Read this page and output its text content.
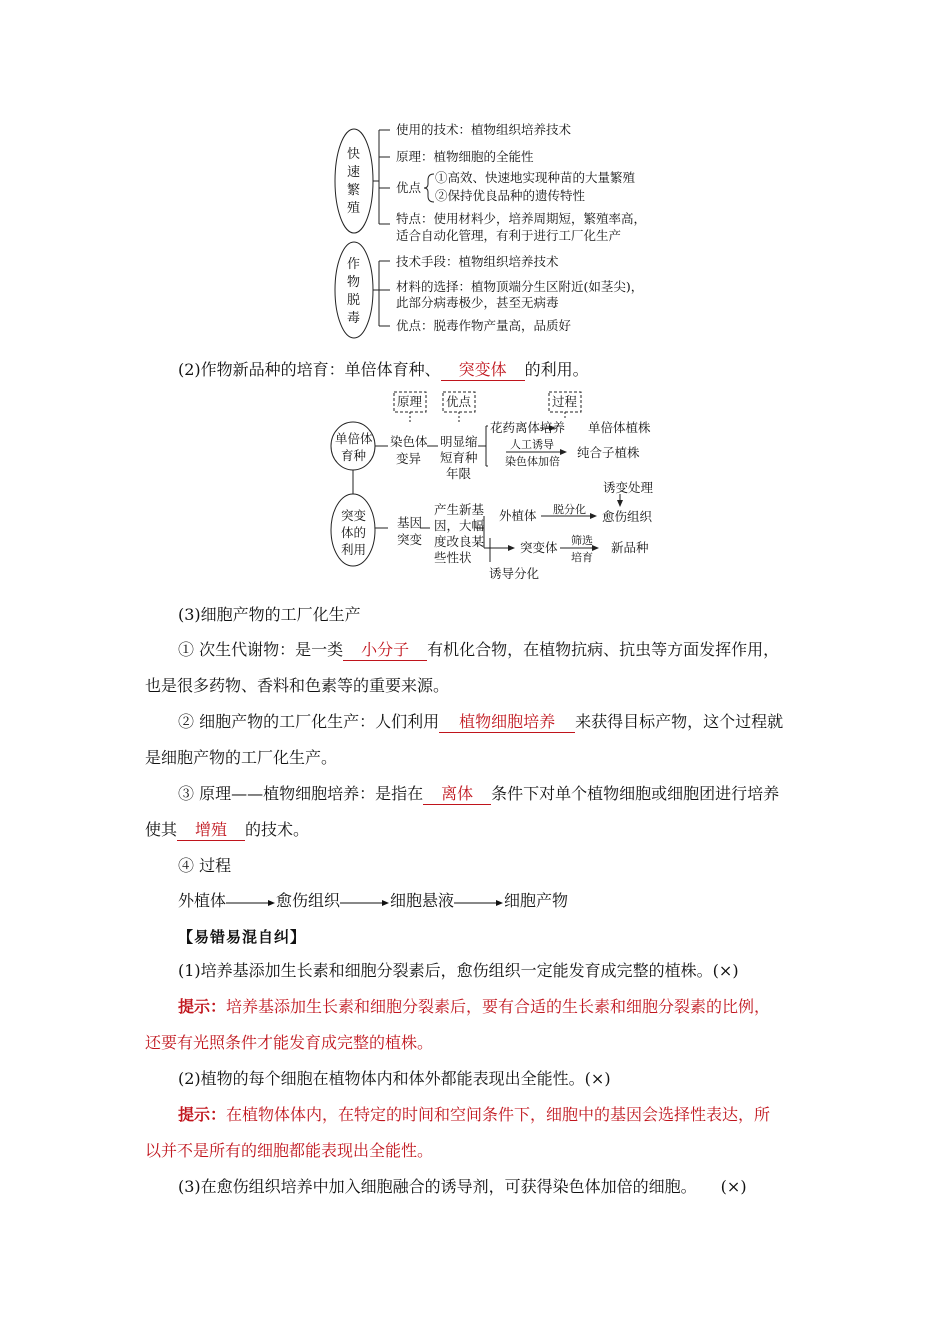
快
速
繁
殖
作
物
脱
毒
使用的技术：植物组织培养技术
原理：植物细胞的全能性
优点
①高效、快速地实现种苗的大量繁殖
②保持优良品种的遗传特性
特点：使用材料少，培养周期短，繁殖率高，
适合自动化管理，有利于进行工厂化生产
技术手段：植物组织培养技术
材料的选择：植物顶端分生区附近(如茎尖)，
此部分病毒极少，甚至无病毒
优点：脱毒作物产量高，品质好
(2)作物新品种的培育：单倍体育种、 突变体 的利用。
原理 优点	过程
单倍体
育种
突变
体的
利用
染色体
变异
明显缩
短育种
年限
花药离体培养 单倍体植株
人工诱导
染色体加倍
纯合子植株
基因
突变
产生新基
因，大幅
度改良某
些性状
外植体 脱分化
诱变处理
愈伤组织
突变体 筛选
培育
新品种
诱导分化
(3)细胞产物的工厂化生产
① 次生代谢物：是一类 小分子 有机化合物，在植物抗病、抗虫等方面发挥作用，
也是很多药物、香料和色素等的重要来源。
② 细胞产物的工厂化生产：人们利用 植物细胞培养 来获得目标产物，这个过程就
是细胞产物的工厂化生产。
③ 原理——植物细胞培养：是指在 离体 条件下对单个植物细胞或细胞团进行培养
使其 增殖 的技术。
④ 过程
外植体	愈伤组织	细胞悬液	细胞产物
【易错易混自纠】
(1)培养基添加生长素和细胞分裂素后，愈伤组织一定能发育成完整的植株。(×)
提示：培养基添加生长素和细胞分裂素后，要有合适的生长素和细胞分裂素的比例，
还要有光照条件才能发育成完整的植株。
(2)植物的每个细胞在植物体内和体外都能表现出全能性。(×)
提示：在植物体体内，在特定的时间和空间条件下，细胞中的基因会选择性表达，所
以并不是所有的细胞都能表现出全能性。
(3)在愈伤组织培养中加入细胞融合的诱导剂，可获得染色体加倍的细胞。 (×)
